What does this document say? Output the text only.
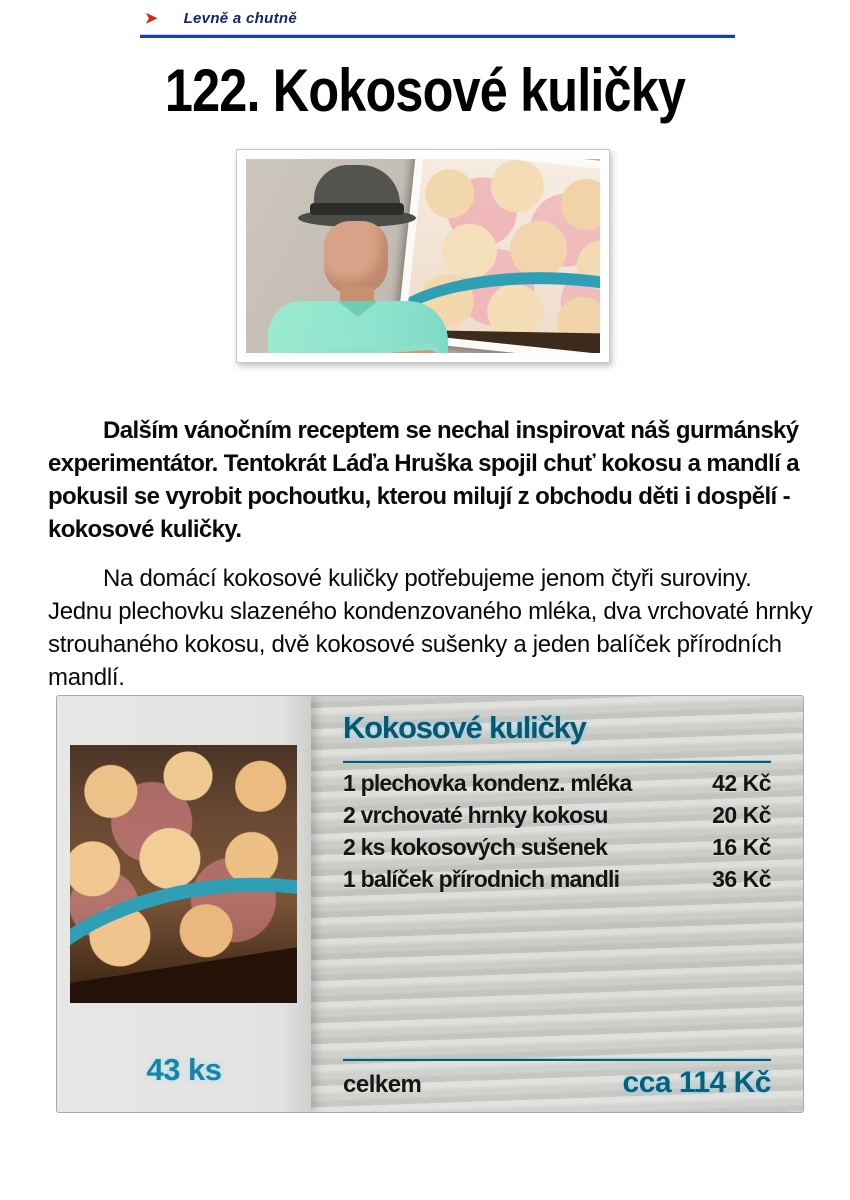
➤ Levně a chutně
122. Kokosové kuličky

Dalším vánočním receptem se nechal inspirovat náš gurmánský experimentátor. Tentokrát Láďa Hruška spojil chuť kokosu a mandlí a pokusil se vyrobit pochoutku, kterou milují z obchodu děti i dospělí - kokosové kuličky.

Na domácí kokosové kuličky potřebujeme jenom čtyři suroviny. Jednu plechovku slazeného kondenzovaného mléka, dva vrchovaté hrnky strouhaného kokosu, dvě kokosové sušenky a jeden balíček přírodních mandlí.

43 ks
Kokosové kuličky
1 plechovka kondenz. mléka	42 Kč
2 vrchovaté hrnky kokosu	20 Kč
2 ks kokosových sušenek	16 Kč
1 balíček přírodnich mandli	36 Kč
celkem	cca 114 Kč
